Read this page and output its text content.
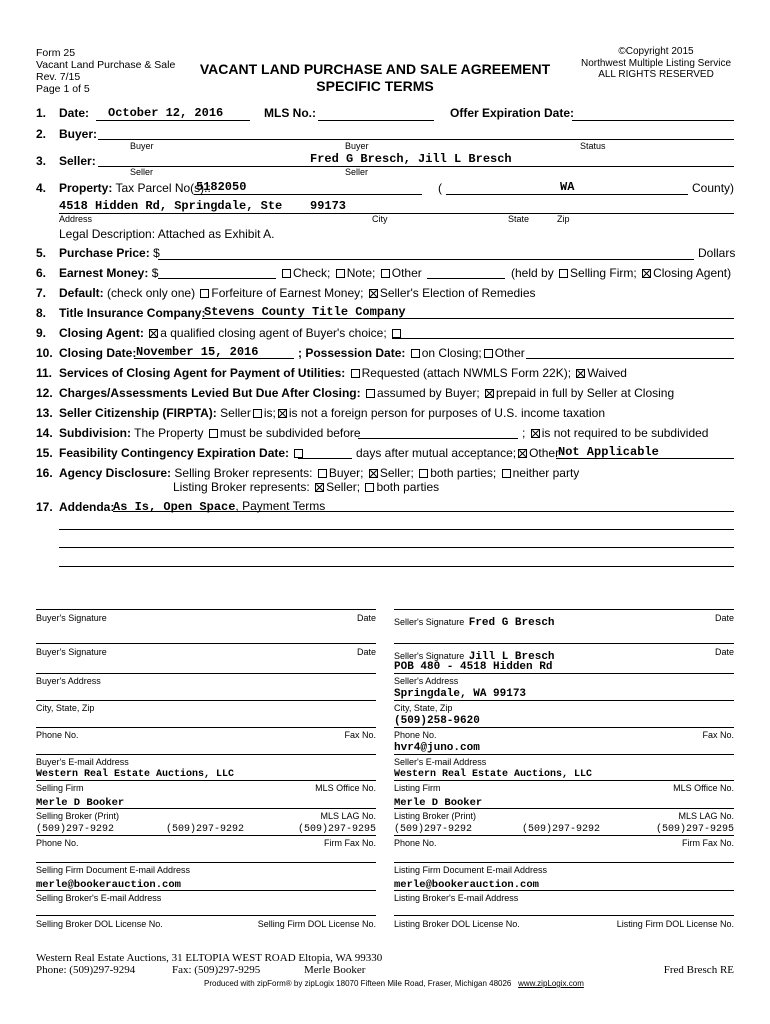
Form 25
Vacant Land Purchase & Sale
Rev. 7/15
Page 1 of 5
VACANT LAND PURCHASE AND SALE AGREEMENT
SPECIFIC TERMS
©Copyright 2015
Northwest Multiple Listing Service
ALL RIGHTS RESERVED
1. Date: October 12, 2016	MLS No.:	Offer Expiration Date:
2. Buyer:
Buyer	Buyer	Status
3. Seller:	Fred G Bresch, Jill L Bresch
Seller	Seller
4. Property: Tax Parcel No(s).:
5182050	(	WA	County)
4518 Hidden Rd, Springdale, Ste 99173
Address	City	State	Zip
Legal Description: Attached as Exhibit A.
5. Purchase Price: $	Dollars
6. Earnest Money: $	Check; Note; Other	(held by Selling Firm; Closing Agent)
7. Default: (check only one) Forfeiture of Earnest Money; Seller's Election of Remedies
8. Title Insurance Company:
Stevens County Title Company
9. Closing Agent: a qualified closing agent of Buyer's choice;
10. Closing Date: November 15, 2016	; Possession Date: on Closing; Other
11. Services of Closing Agent for Payment of Utilities: Requested (attach NWMLS Form 22K); Waived
12. Charges/Assessments Levied But Due After Closing: assumed by Buyer; prepaid in full by Seller at Closing
13. Seller Citizenship (FIRPTA): Seller is; is not a foreign person for purposes of U.S. income taxation
14. Subdivision: The Property must be subdivided before	; is not required to be subdivided
15. Feasibility Contingency Expiration Date:	days after mutual acceptance; Other
Not Applicable
16. Agency Disclosure: Selling Broker represents: Buyer; Seller; both parties; neither party
Listing Broker represents: Seller; both parties
17. Addenda:
As Is, Open Space, Payment Terms
Buyer's Signature	Date
Buyer's Signature	Date
Buyer's Address
City, State, Zip
Phone No.	Fax No.
Buyer's E-mail Address
Western Real Estate Auctions, LLC
Selling Firm	MLS Office No.
Merle D Booker
Selling Broker (Print)	MLS LAG No.
(509)297-9292	(509)297-9292	(509)297-9295
Phone No.	Firm Fax No.
Selling Firm Document E-mail Address
merle@bookerauction.com
Selling Broker's E-mail Address
Selling Broker DOL License No.	Selling Firm DOL License No.
Seller's Signature Fred G Bresch	Date
Seller's Signature Jill L Bresch	Date
POB 480 - 4518 Hidden Rd
Seller's Address
Springdale, WA 99173
City, State, Zip
(509)258-9620
Phone No.	Fax No.
hvr4@juno.com
Seller's E-mail Address
Western Real Estate Auctions, LLC
Listing Firm	MLS Office No.
Merle D Booker
Listing Broker (Print)	MLS LAG No.
(509)297-9292	(509)297-9292	(509)297-9295
Phone No.	Firm Fax No.
Listing Firm Document E-mail Address
merle@bookerauction.com
Listing Broker's E-mail Address
Listing Broker DOL License No.	Listing Firm DOL License No.
Western Real Estate Auctions, 31 ELTOPIA WEST ROAD Eltopia, WA 99330
Phone: (509)297-9294	Fax: (509)297-9295	Merle Booker	Fred Bresch RE
Produced with zipForm® by zipLogix 18070 Fifteen Mile Road, Fraser, Michigan 48026 www.zipLogix.com
